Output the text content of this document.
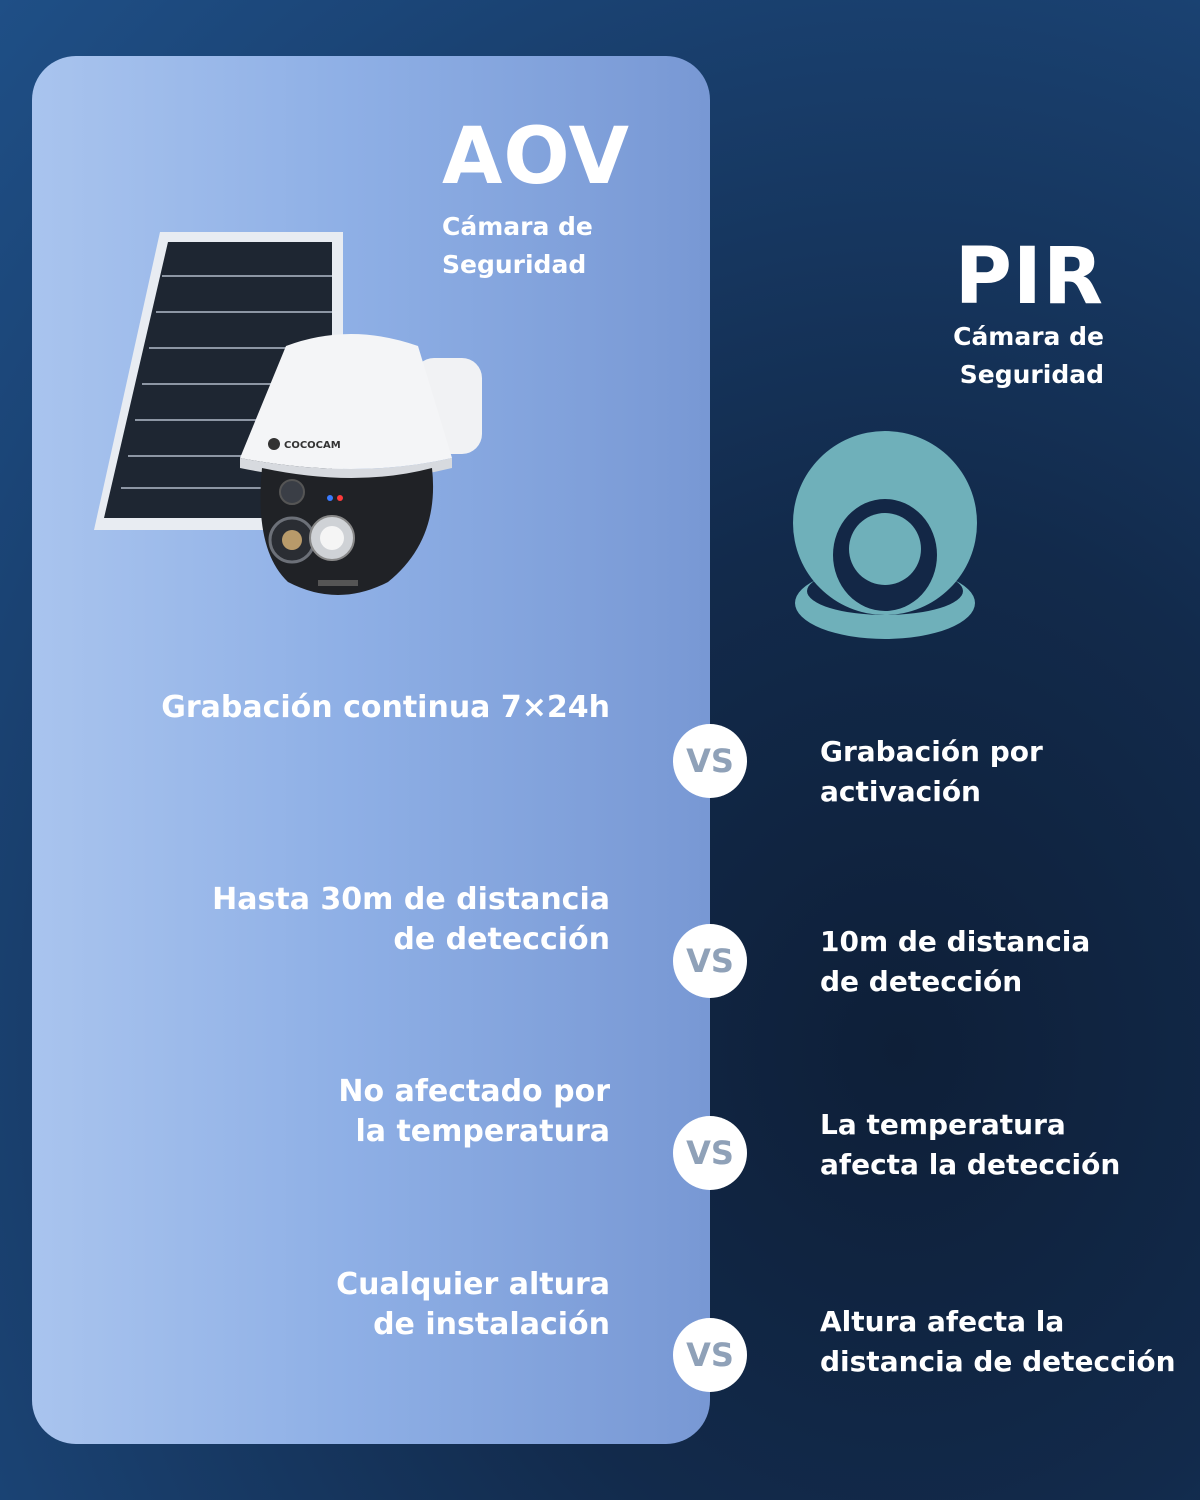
AOV

Cámara de
Seguridad	PIR

Cámara de
Seguridad

COCOCAM

Grabación continua 7×24h

VS	Grabación por
activación

Hasta 30m de distancia
de detección

VS

10m de distancia
de detección

No afectado por
la temperatura

VS

La temperatura
afecta la detección

Cualquier altura
de instalación

VS

Altura afecta la
distancia de detección
